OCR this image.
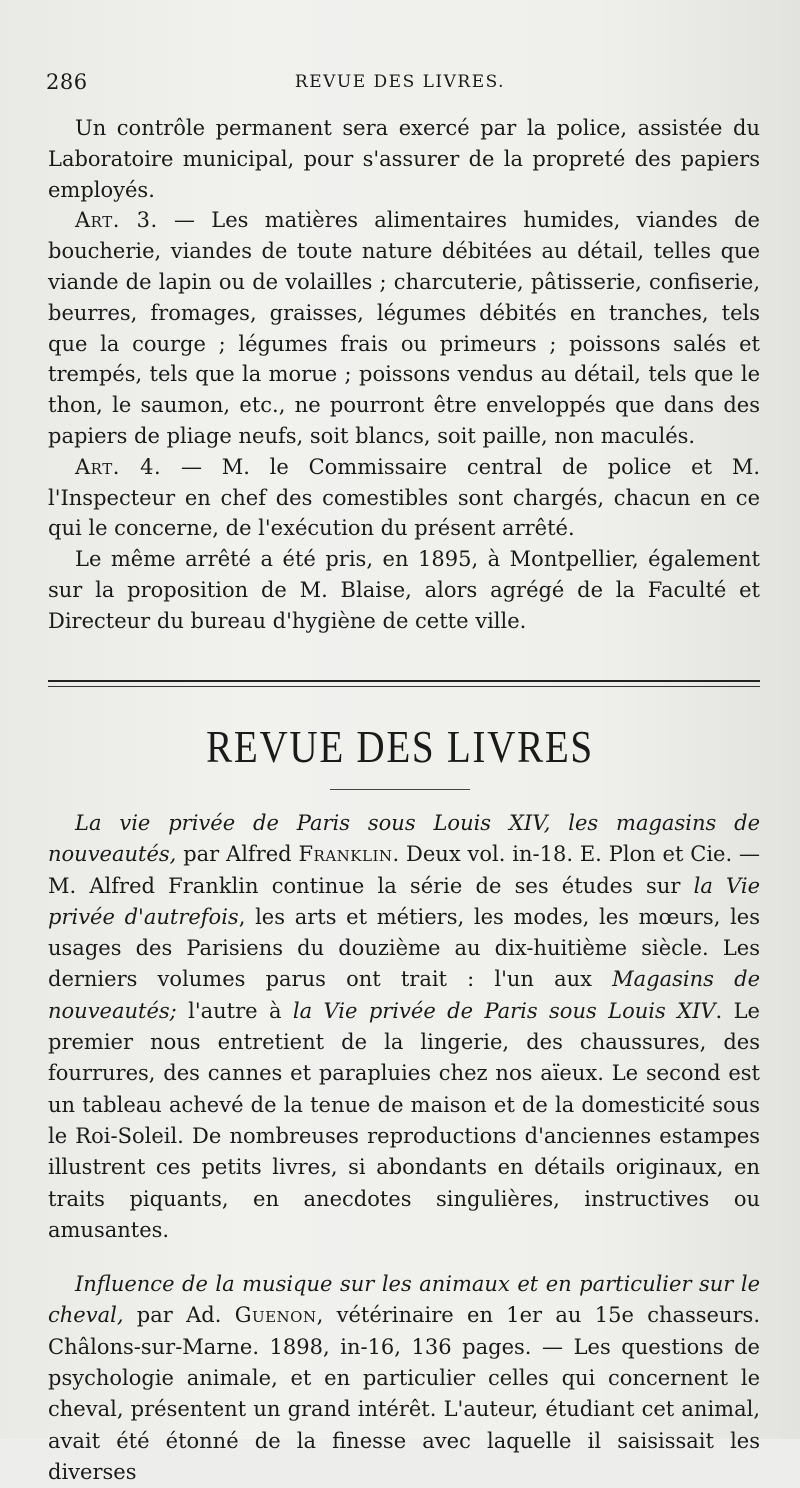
286	REVUE DES LIVRES.

Un contrôle permanent sera exercé par la police, assistée du Laboratoire municipal, pour s'assurer de la propreté des papiers employés.

Art. 3. — Les matières alimentaires humides, viandes de boucherie, viandes de toute nature débitées au détail, telles que viande de lapin ou de volailles ; charcuterie, pâtisserie, confiserie, beurres, fromages, graisses, légumes débités en tranches, tels que la courge ; légumes frais ou primeurs ; poissons salés et trempés, tels que la morue ; poissons vendus au détail, tels que le thon, le saumon, etc., ne pourront être enveloppés que dans des papiers de pliage neufs, soit blancs, soit paille, non maculés.

Art. 4. — M. le Commissaire central de police et M. l'Inspecteur en chef des comestibles sont chargés, chacun en ce qui le concerne, de l'exécution du présent arrêté.

Le même arrêté a été pris, en 1895, à Montpellier, également sur la proposition de M. Blaise, alors agrégé de la Faculté et Directeur du bureau d'hygiène de cette ville.

REVUE DES LIVRES

La vie privée de Paris sous Louis XIV, les magasins de nouveautés, par Alfred Franklin. Deux vol. in-18. E. Plon et Cie. — M. Alfred Franklin continue la série de ses études sur la Vie privée d'autrefois, les arts et métiers, les modes, les mœurs, les usages des Parisiens du douzième au dix-huitième siècle. Les derniers volumes parus ont trait : l'un aux Magasins de nouveautés; l'autre à la Vie privée de Paris sous Louis XIV. Le premier nous entretient de la lingerie, des chaussures, des fourrures, des cannes et parapluies chez nos aïeux. Le second est un tableau achevé de la tenue de maison et de la domesticité sous le Roi-Soleil. De nombreuses reproductions d'anciennes estampes illustrent ces petits livres, si abondants en détails originaux, en traits piquants, en anecdotes singulières, instructives ou amusantes.

Influence de la musique sur les animaux et en particulier sur le cheval, par Ad. Guenon, vétérinaire en 1er au 15e chasseurs. Châlons-sur-Marne. 1898, in-16, 136 pages. — Les questions de psychologie animale, et en particulier celles qui concernent le cheval, présentent un grand intérêt. L'auteur, étudiant cet animal, avait été étonné de la finesse avec laquelle il saisissait les diverses
